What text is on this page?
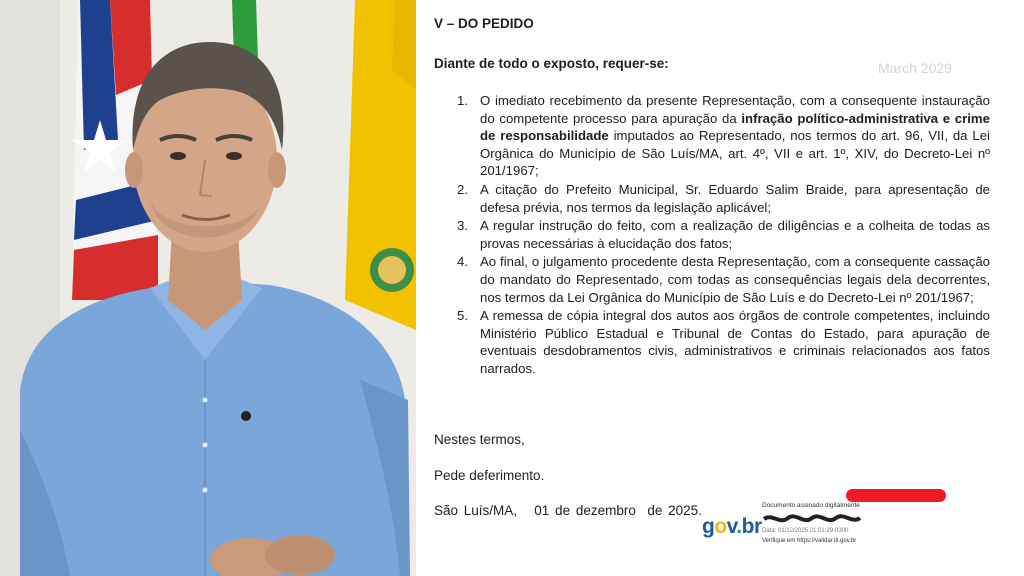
V – DO PEDIDO
Diante de todo o exposto, requer-se:	March 2029
1. O imediato recebimento da presente Representação, com a consequente instauração do competente processo para apuração da infração político-administrativa e crime de responsabilidade imputados ao Representado, nos termos do art. 96, VII, da Lei Orgânica do Município de São Luís/MA, art. 4º, VII e art. 1º, XIV, do Decreto-Lei nº 201/1967;
2. A citação do Prefeito Municipal, Sr. Eduardo Salim Braide, para apresentação de defesa prévia, nos termos da legislação aplicável;
3. A regular instrução do feito, com a realização de diligências e a colheita de todas as provas necessárias à elucidação dos fatos;
4. Ao final, o julgamento procedente desta Representação, com a consequente cassação do mandato do Representado, com todas as consequências legais dela decorrentes, nos termos da Lei Orgânica do Município de São Luís e do Decreto-Lei nº 201/1967;
5. A remessa de cópia integral dos autos aos órgãos de controle competentes, incluindo Ministério Público Estadual e Tribunal de Contas do Estado, para apuração de eventuais desdobramentos civis, administrativos e criminais relacionados aos fatos narrados.
Nestes termos,
Pede deferimento.
São Luís/MA,   01 de dezembro  de 2025.
gov.br
Documento assinado digitalmente
Data: 01/12/2025 21:01:29-0300
Verifique em https://validar.iti.gov.br
